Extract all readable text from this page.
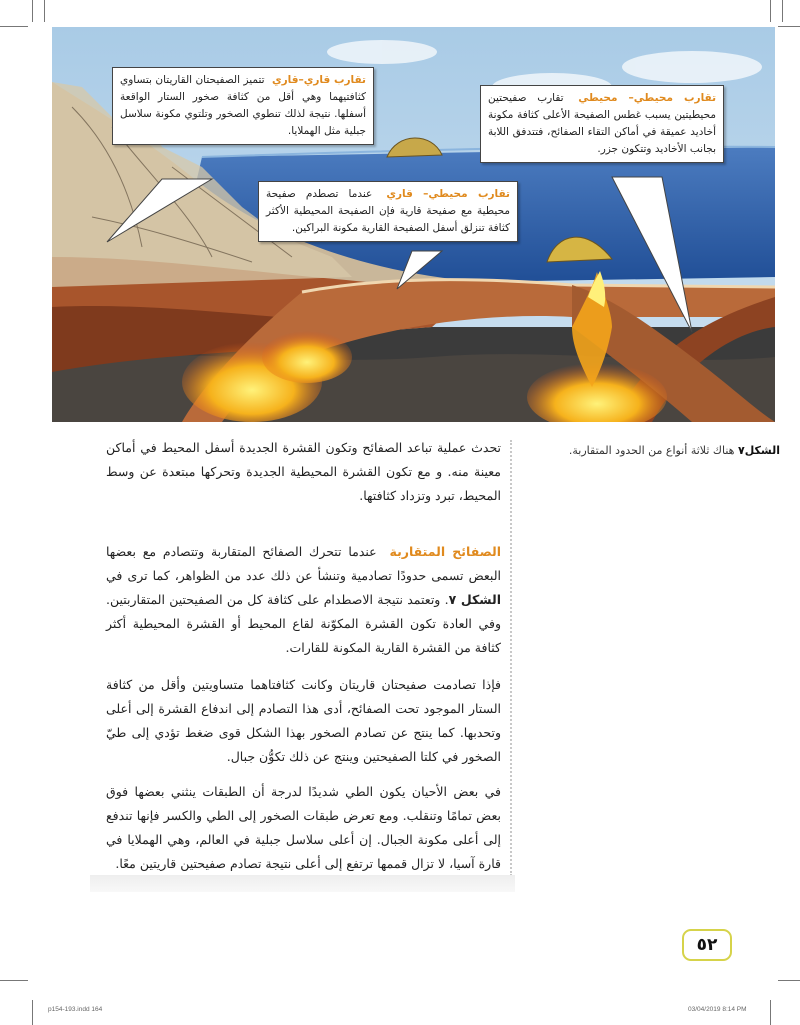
تقارب قاري–قاري تتميز الصفيحتان القاريتان بتساوي كثافتيهما وهي أقل من كثافة صخور الستار الواقعة أسفلها. نتيجة لذلك تنطوي الصخور وتلتوي مكونة سلاسل جبلية مثل الهملايا.
تقارب محيطي– محيطي تقارب صفيحتين محيطيتين يسبب غطس الصفيحة الأعلى كثافة مكونة أخاديد عميقة في أماكن التقاء الصفائح، فتتدفق اللابة بجانب الأخاديد وتتكون جزر.
تقارب محيطي– قاري عندما تصطدم صفيحة محيطية مع صفيحة قارية فإن الصفيحة المحيطية الأكثر كثافة تنزلق أسفل الصفيحة القارية مكونة البراكين.
الشكل٧ هناك ثلاثة أنواع من الحدود المتقاربة.

تحدث عملية تباعد الصفائح وتكون القشرة الجديدة أسفل المحيط في أماكن معينة منه. و مع تكون القشرة المحيطية الجديدة وتحركها مبتعدة عن وسط المحيط، تبرد وتزداد كثافتها.

الصفائح المتقاربة عندما تتحرك الصفائح المتقاربة وتتصادم مع بعضها البعض تسمى حدودًا تصادمية وتنشأ عن ذلك عدد من الظواهر، كما ترى في الشكل ٧. وتعتمد نتيجة الاصطدام على كثافة كل من الصفيحتين المتقاربتين. وفي العادة تكون القشرة المكوّنة لقاع المحيط أو القشرة المحيطية أكثر كثافة من القشرة القارية المكونة للقارات.

فإذا تصادمت صفيحتان قاريتان وكانت كثافتاهما متساويتين وأقل من كثافة الستار الموجود تحت الصفائح، أدى هذا التصادم إلى اندفاع القشرة إلى أعلى وتحدبها. كما ينتج عن تصادم الصخور بهذا الشكل قوى ضغط تؤدي إلى طيّ الصخور في كلتا الصفيحتين وينتج عن ذلك تكوُّن جبال.

في بعض الأحيان يكون الطي شديدًا لدرجة أن الطبقات ينثني بعضها فوق بعض تمامًا وتنقلب. ومع تعرض طبقات الصخور إلى الطي والكسر فإنها تندفع إلى أعلى مكونة الجبال. إن أعلى سلاسل جبلية في العالم، وهي الهملايا في قارة آسيا، لا تزال قممها ترتفع إلى أعلى نتيجة تصادم صفيحتين قاريتين معًا.

٥٢
p154-193.indd 164	03/04/2019 8:14 PM
